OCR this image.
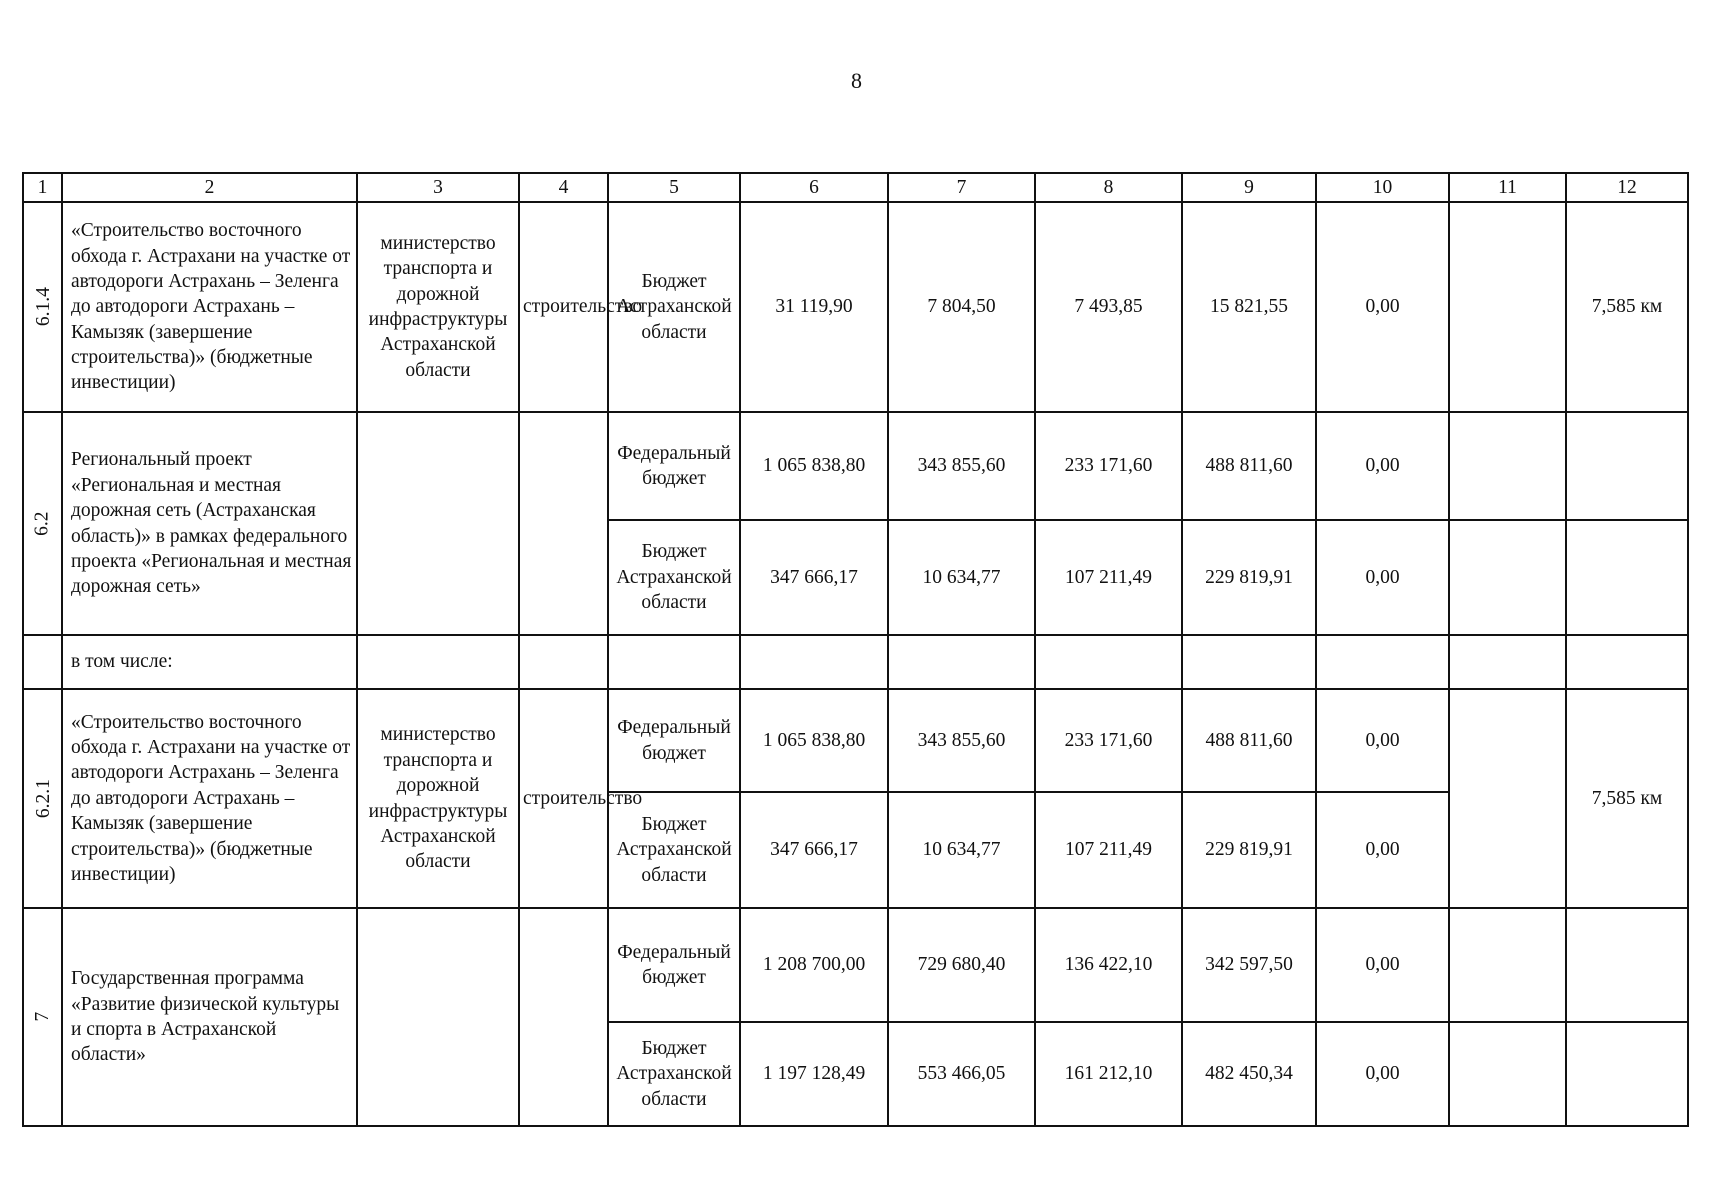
8
1	2	3	4	5	6	7	8	9	10	11	12
6.1.4	«Строительство восточного обхода г. Астрахани на участке от автодороги Астрахань – Зеленга до автодороги Астрахань – Камызяк (завершение строительства)» (бюджетные инвестиции)	министерство транспорта и дорожной инфраструктуры Астраханской области	строительство	Бюджет Астраханской области	31 119,90	7 804,50	7 493,85	15 821,55	0,00		7,585 км
6.2	Региональный проект «Региональная и местная дорожная сеть (Астраханская область)» в рамках федерального проекта «Региональная и местная дорожная сеть»			Федеральный бюджет	1 065 838,80	343 855,60	233 171,60	488 811,60	0,00		
				Бюджет Астраханской области	347 666,17	10 634,77	107 211,49	229 819,91	0,00		
	в том числе:										
6.2.1	«Строительство восточного обхода г. Астрахани на участке от автодороги Астрахань – Зеленга до автодороги Астрахань – Камызяк (завершение строительства)» (бюджетные инвестиции)	министерство транспорта и дорожной инфраструктуры Астраханской области	строительство	Федеральный бюджет	1 065 838,80	343 855,60	233 171,60	488 811,60	0,00		7,585 км
				Бюджет Астраханской области	347 666,17	10 634,77	107 211,49	229 819,91	0,00		
7	Государственная программа «Развитие физической культуры и спорта в Астраханской области»			Федеральный бюджет	1 208 700,00	729 680,40	136 422,10	342 597,50	0,00		
				Бюджет Астраханской области	1 197 128,49	553 466,05	161 212,10	482 450,34	0,00		
